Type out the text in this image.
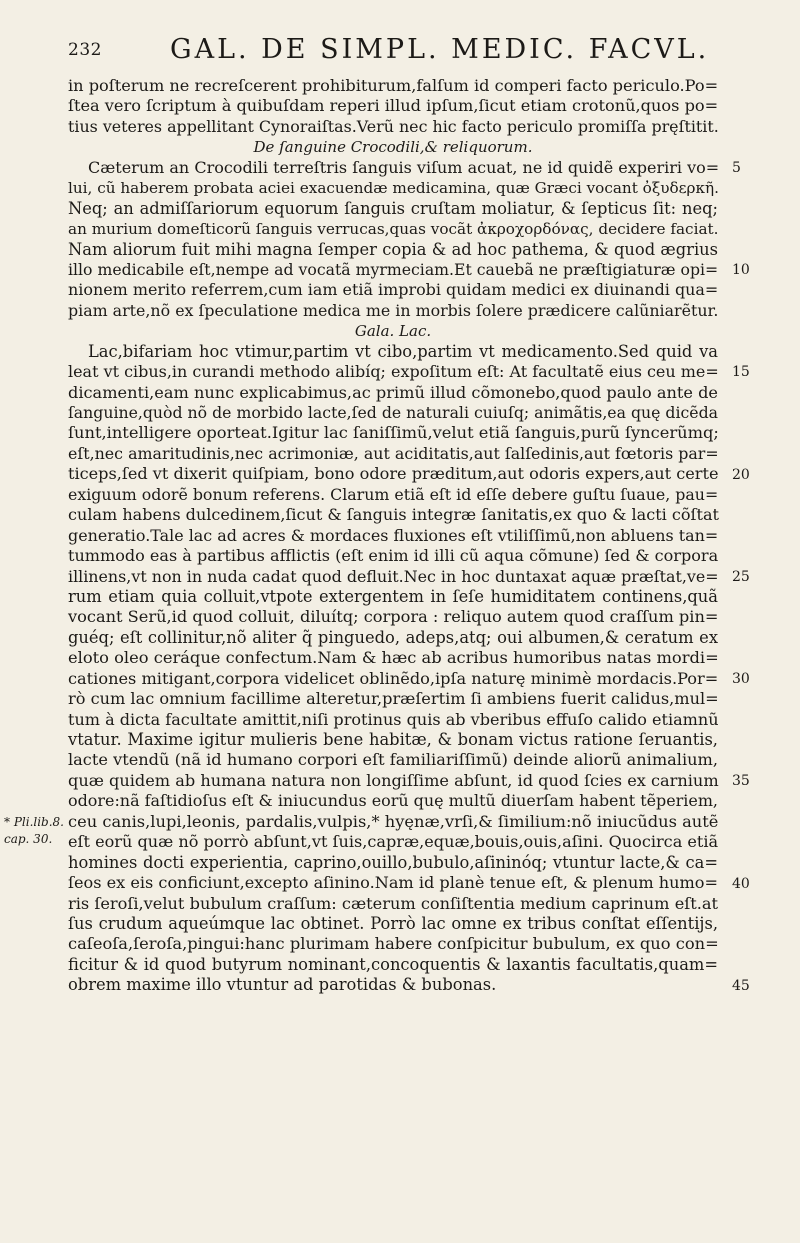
232	GAL. DE SIMPL. MEDIC. FACVL.
in poſterum ne recreſcerent prohibiturum,falſum id comperi facto periculo.Po=
ſtea vero ſcriptum à quibuſdam reperi illud ipſum,ſicut etiam crotonũ,quos po=
tius veteres appellitant Cynoraiſtas.Verũ nec hic facto periculo promiſſa pręſtitit.
De ſanguine Crocodili,& reliquorum.
Cæterum an Crocodili terreſtris ſanguis viſum acuat, ne id quidẽ experiri vo=
lui, cũ haberem probata aciei exacuendæ medicamina, quæ Græci vocant ὀξυδερκῆ.
Neq; an admiſſariorum equorum ſanguis cruſtam moliatur, & ſepticus ſit: neq;
an murium domeſticorũ ſanguis verrucas,quas vocãt ἀκροχορδόνας, decidere faciat.
Nam aliorum fuit mihi magna ſemper copia & ad hoc pathema, & quod ægrius
illo medicabile eſt,nempe ad vocatã myrmeciam.Et cauebã ne præſtigiaturæ opi=
nionem merito referrem,cum iam etiã improbi quidam medici ex diuinandi qua=
piam arte,nõ ex ſpeculatione medica me in morbis ſolere prædicere calũniarẽtur.
Gala. Lac.
Lac,bifariam hoc vtimur,partim vt cibo,partim vt medicamento.Sed quid va
leat vt cibus,in curandi methodo alibíq; expoſitum eſt: At facultatẽ eius ceu me=
dicamenti,eam nunc explicabimus,ac primũ illud cõmonebo,quod paulo ante de
ſanguine,quòd nõ de morbido lacte,ſed de naturali cuiuſq; animãtis,ea quę dicẽda
ſunt,intelligere oporteat.Igitur lac ſaniſſimũ,velut etiã ſanguis,purũ ſyncerũmq;
eſt,nec amaritudinis,nec acrimoniæ, aut aciditatis,aut ſalſedinis,aut fœtoris par=
ticeps,ſed vt dixerit quiſpiam, bono odore præditum,aut odoris expers,aut certe
exiguum odorẽ bonum referens. Clarum etiã eſt id eſſe debere guſtu ſuaue, pau=
culam habens dulcedinem,ſicut & ſanguis integræ ſanitatis,ex quo & lacti cõſtat
generatio.Tale lac ad acres & mordaces fluxiones eſt vtiliſſimũ,non abluens tan=
tummodo eas à partibus afflictis (eſt enim id illi cũ aqua cõmune) ſed & corpora
illinens,vt non in nuda cadat quod defluit.Nec in hoc duntaxat aquæ præſtat,ve=
rum etiam quia colluit,vtpote extergentem in ſeſe humiditatem continens,quã
vocant Serũ,id quod colluit, diluítq; corpora : reliquo autem quod craſſum pin=
guéq; eſt collinitur,nõ aliter q̃ pinguedo, adeps,atq; oui albumen,& ceratum ex
eloto oleo ceráque confectum.Nam & hæc ab acribus humoribus natas mordi=
cationes mitigant,corpora videlicet oblinẽdo,ipſa naturę minimè mordacis.Por=
rò cum lac omnium facillime alteretur,præſertim ſi ambiens fuerit calidus,mul=
tum à dicta facultate amittit,niſi protinus quis ab vberibus effuſo calido etiamnũ
vtatur. Maxime igitur mulieris bene habitæ, & bonam victus ratione ſeruantis,
lacte vtendũ (nã id humano corpori eſt familiariſſimũ) deinde aliorũ animalium,
quæ quidem ab humana natura non longiſſime abſunt, id quod ſcies ex carnium
odore:nã faſtidioſus eſt & iniucundus eorũ quę multũ diuerſam habent tẽperiem,
ceu canis,lupi,leonis, pardalis,vulpis,* hyęnæ,vrſi,& ſimilium:nõ iniucũdus autẽ
eſt eorũ quæ nõ porrò abſunt,vt ſuis,capræ,equæ,bouis,ouis,aſini. Quocirca etiã
homines docti experientia, caprino,ouillo,bubulo,aſininóq; vtuntur lacte,& ca=
ſeos ex eis conficiunt,excepto aſinino.Nam id planè tenue eſt, & plenum humo=
ris ſeroſi,velut bubulum craſſum: cæterum conſiſtentia medium caprinum eſt.at
ſus crudum aqueúmque lac obtinet. Porrò lac omne ex tribus conſtat eſſentijs,
caſeoſa,ſeroſa,pingui:hanc plurimam habere conſpicitur bubulum, ex quo con=
ficitur & id quod butyrum nominant,concoquentis & laxantis facultatis,quam=
obrem maxime illo vtuntur ad parotidas & bubonas.
* Pli.lib.8.
cap. 30.
5
10
15
20
25
30
35
40
45
